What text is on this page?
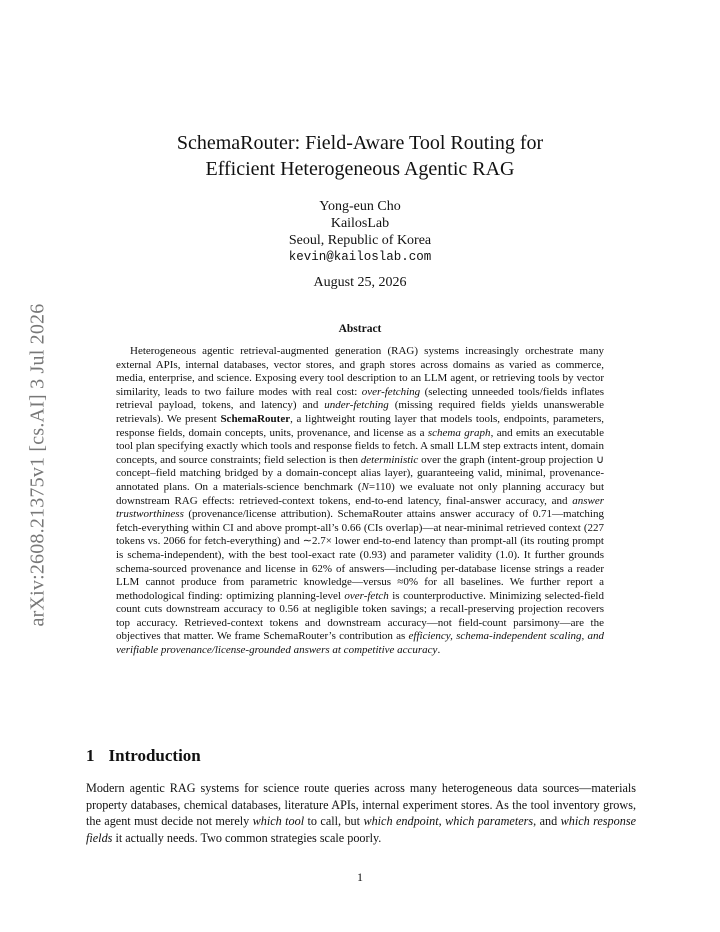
arXiv:2608.21375v1 [cs.AI] 3 Jul 2026
SchemaRouter: Field-Aware Tool Routing for
Efficient Heterogeneous Agentic RAG
Yong-eun Cho
KailosLab
Seoul, Republic of Korea
kevin@kailoslab.com
August 25, 2026
Abstract
Heterogeneous agentic retrieval-augmented generation (RAG) systems increasingly orchestrate many external APIs, internal databases, vector stores, and graph stores across domains as varied as commerce, media, enterprise, and science. Exposing every tool description to an LLM agent, or retrieving tools by vector similarity, leads to two failure modes with real cost: over-fetching (selecting unneeded tools/fields inflates retrieval payload, tokens, and latency) and under-fetching (missing required fields yields unanswerable retrievals). We present SchemaRouter, a lightweight routing layer that models tools, endpoints, parameters, response fields, domain concepts, units, provenance, and license as a schema graph, and emits an executable tool plan specifying exactly which tools and response fields to fetch. A small LLM step extracts intent, domain concepts, and source constraints; field selection is then deterministic over the graph (intent-group projection ∪ concept–field matching bridged by a domain-concept alias layer), guaranteeing valid, minimal, provenance-annotated plans. On a materials-science benchmark (N=110) we evaluate not only planning accuracy but downstream RAG effects: retrieved-context tokens, end-to-end latency, final-answer accuracy, and answer trustworthiness (provenance/license attribution). SchemaRouter attains answer accuracy of 0.71—matching fetch-everything within CI and above prompt-all’s 0.66 (CIs overlap)—at near-minimal retrieved context (227 tokens vs. 2066 for fetch-everything) and ∼2.7× lower end-to-end latency than prompt-all (its routing prompt is schema-independent), with the best tool-exact rate (0.93) and parameter validity (1.0). It further grounds schema-sourced provenance and license in 62% of answers—including per-database license strings a reader LLM cannot produce from parametric knowledge—versus ≈0% for all baselines. We further report a methodological finding: optimizing planning-level over-fetch is counterproductive. Minimizing selected-field count cuts downstream accuracy to 0.56 at negligible token savings; a recall-preserving projection recovers top accuracy. Retrieved-context tokens and downstream accuracy—not field-count parsimony—are the objectives that matter. We frame SchemaRouter’s contribution as efficiency, schema-independent scaling, and verifiable provenance/license-grounded answers at competitive accuracy.
1 Introduction
Modern agentic RAG systems for science route queries across many heterogeneous data sources—materials property databases, chemical databases, literature APIs, internal experiment stores. As the tool inventory grows, the agent must decide not merely which tool to call, but which endpoint, which parameters, and which response fields it actually needs. Two common strategies scale poorly.
1
